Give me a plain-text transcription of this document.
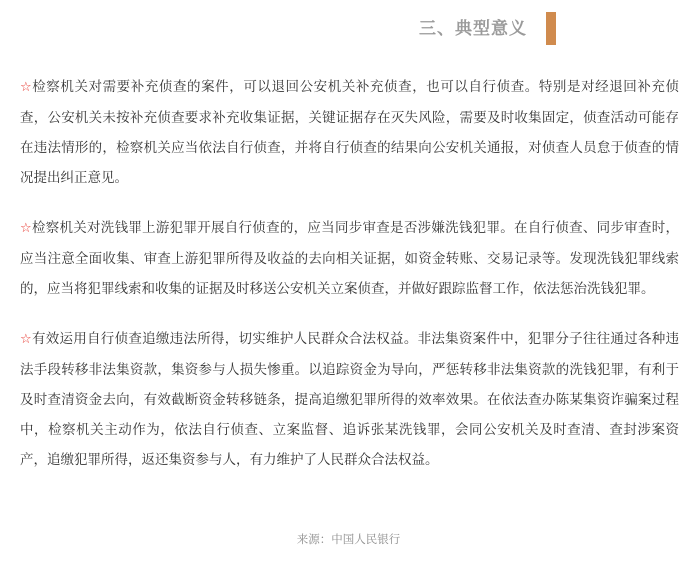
三、典型意义

☆检察机关对需要补充侦查的案件，可以退回公安机关补充侦查，也可以自行侦查。特别是对经退回补充侦查，公安机关未按补充侦查要求补充收集证据，关键证据存在灭失风险，需要及时收集固定，侦查活动可能存在违法情形的，检察机关应当依法自行侦查，并将自行侦查的结果向公安机关通报，对侦查人员怠于侦查的情况提出纠正意见。

☆检察机关对洗钱罪上游犯罪开展自行侦查的，应当同步审查是否涉嫌洗钱犯罪。在自行侦查、同步审查时，应当注意全面收集、审查上游犯罪所得及收益的去向相关证据，如资金转账、交易记录等。发现洗钱犯罪线索的，应当将犯罪线索和收集的证据及时移送公安机关立案侦查，并做好跟踪监督工作，依法惩治洗钱犯罪。

☆有效运用自行侦查追缴违法所得，切实维护人民群众合法权益。非法集资案件中，犯罪分子往往通过各种违法手段转移非法集资款，集资参与人损失惨重。以追踪资金为导向，严惩转移非法集资款的洗钱犯罪，有利于及时查清资金去向，有效截断资金转移链条，提高追缴犯罪所得的效率效果。在依法查办陈某集资诈骗案过程中，检察机关主动作为，依法自行侦查、立案监督、追诉张某洗钱罪，会同公安机关及时查清、查封涉案资产，追缴犯罪所得，返还集资参与人，有力维护了人民群众合法权益。

来源：中国人民银行
